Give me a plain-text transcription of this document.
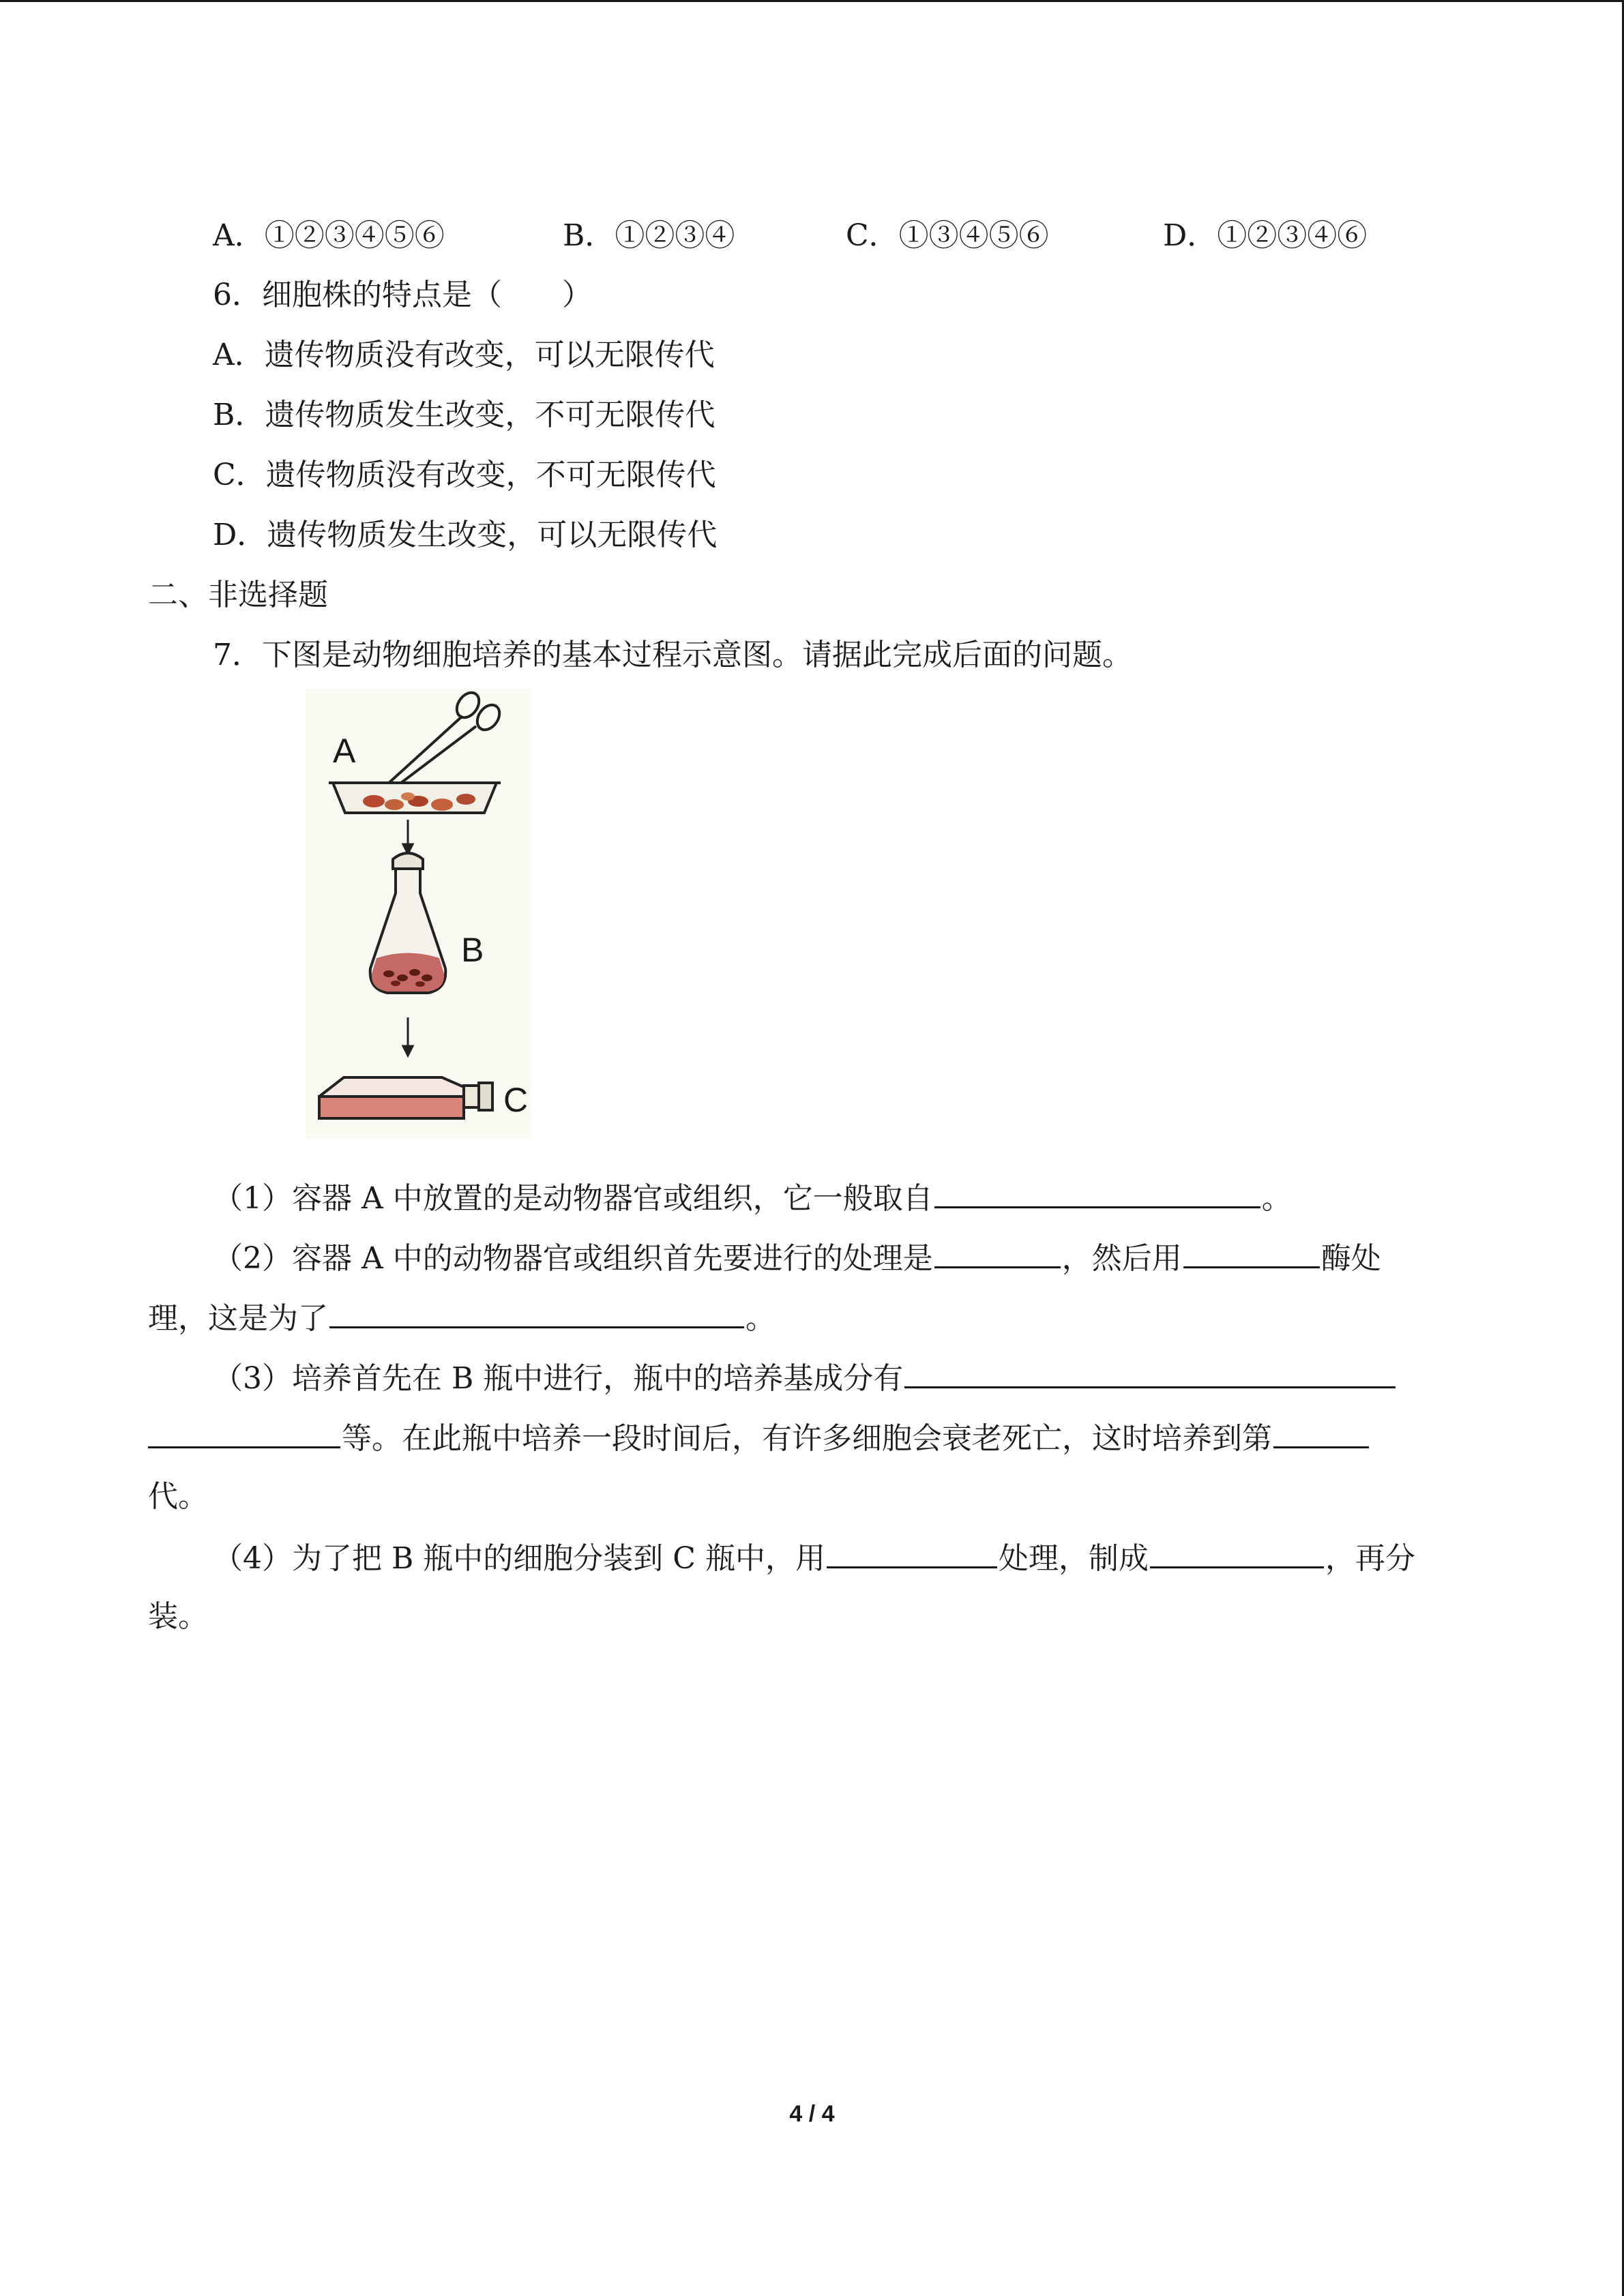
A．①②③④⑤⑥	B．①②③④	C．①③④⑤⑥	D．①②③④⑥
6．细胞株的特点是（　　）
A．遗传物质没有改变，可以无限传代
B．遗传物质发生改变，不可无限传代
C．遗传物质没有改变，不可无限传代
D．遗传物质发生改变，可以无限传代
二、非选择题
7．下图是动物细胞培养的基本过程示意图。请据此完成后面的问题。
A
B
C
（1）容器 A 中放置的是动物器官或组织，它一般取自	。
（2）容器 A 中的动物器官或组织首先要进行的处理是	，然后用	酶处
理，这是为了	。
（3）培养首先在 B 瓶中进行，瓶中的培养基成分有
等。在此瓶中培养一段时间后，有许多细胞会衰老死亡，这时培养到第
代。
（4）为了把 B 瓶中的细胞分装到 C 瓶中，用	处理，制成	，再分
装。
4 / 4
